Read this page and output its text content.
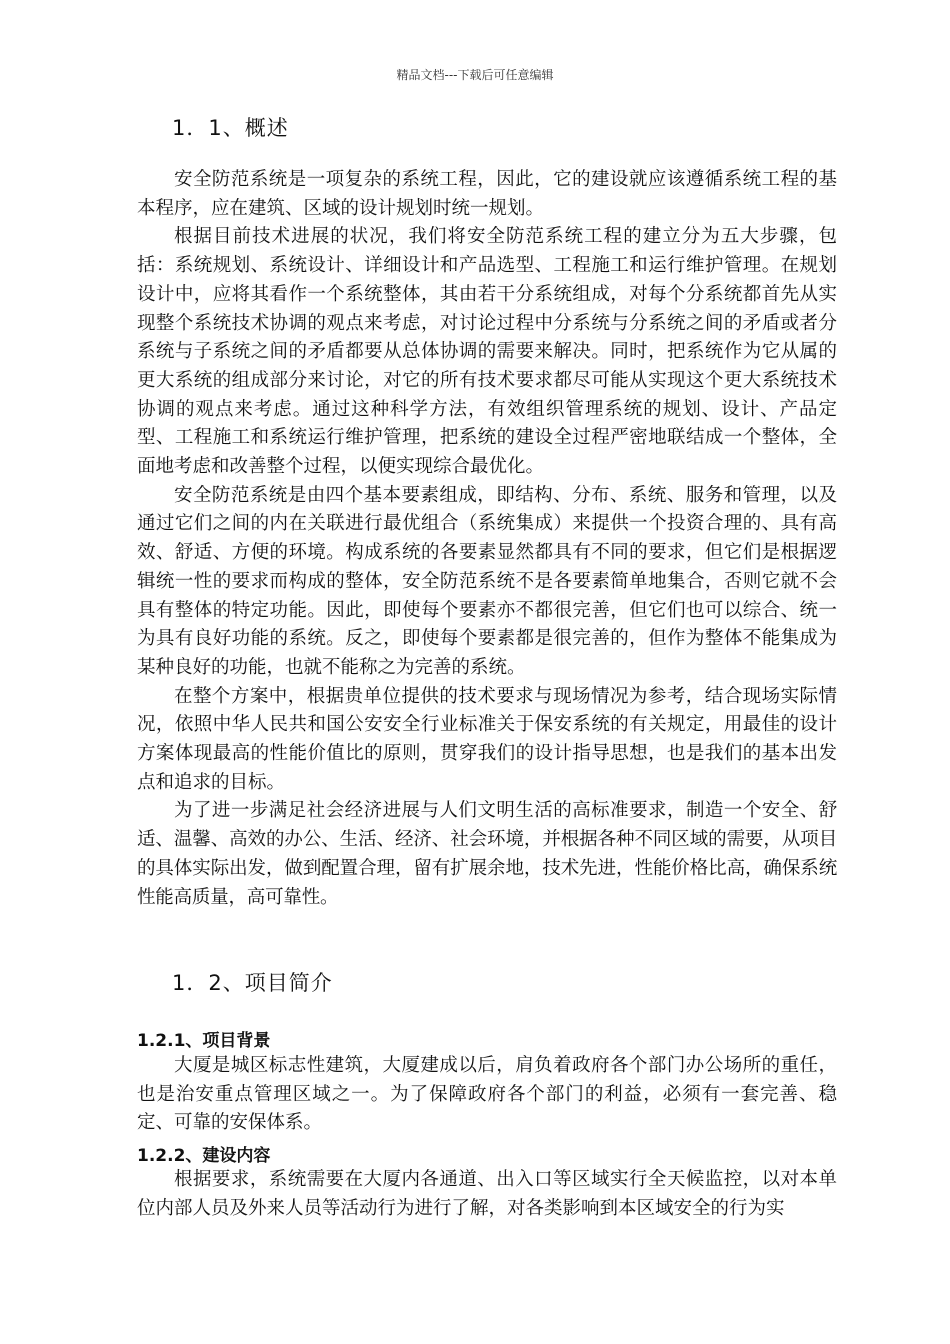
精品文档---下载后可任意编辑
1．1、概述

安全防范系统是一项复杂的系统工程，因此，它的建设就应该遵循系统工程的基本程序，应在建筑、区域的设计规划时统一规划。

根据目前技术进展的状况，我们将安全防范系统工程的建立分为五大步骤，包括：系统规划、系统设计、详细设计和产品选型、工程施工和运行维护管理。在规划设计中，应将其看作一个系统整体，其由若干分系统组成，对每个分系统都首先从实现整个系统技术协调的观点来考虑，对讨论过程中分系统与分系统之间的矛盾或者分系统与子系统之间的矛盾都要从总体协调的需要来解决。同时，把系统作为它从属的更大系统的组成部分来讨论，对它的所有技术要求都尽可能从实现这个更大系统技术协调的观点来考虑。通过这种科学方法，有效组织管理系统的规划、设计、产品定型、工程施工和系统运行维护管理，把系统的建设全过程严密地联结成一个整体，全面地考虑和改善整个过程，以便实现综合最优化。

安全防范系统是由四个基本要素组成，即结构、分布、系统、服务和管理，以及通过它们之间的内在关联进行最优组合（系统集成）来提供一个投资合理的、具有高效、舒适、方便的环境。构成系统的各要素显然都具有不同的要求，但它们是根据逻辑统一性的要求而构成的整体，安全防范系统不是各要素简单地集合，否则它就不会具有整体的特定功能。因此，即使每个要素亦不都很完善，但它们也可以综合、统一为具有良好功能的系统。反之，即使每个要素都是很完善的，但作为整体不能集成为某种良好的功能，也就不能称之为完善的系统。

在整个方案中，根据贵单位提供的技术要求与现场情况为参考，结合现场实际情况，依照中华人民共和国公安安全行业标准关于保安系统的有关规定，用最佳的设计方案体现最高的性能价值比的原则，贯穿我们的设计指导思想，也是我们的基本出发点和追求的目标。

为了进一步满足社会经济进展与人们文明生活的高标准要求，制造一个安全、舒适、温馨、高效的办公、生活、经济、社会环境，并根据各种不同区域的需要，从项目的具体实际出发，做到配置合理，留有扩展余地，技术先进，性能价格比高，确保系统性能高质量，高可靠性。

1．2、项目简介
1.2.1、项目背景

大厦是城区标志性建筑，大厦建成以后，肩负着政府各个部门办公场所的重任，也是治安重点管理区域之一。为了保障政府各个部门的利益，必须有一套完善、稳定、可靠的安保体系。

1.2.2、建设内容

根据要求，系统需要在大厦内各通道、出入口等区域实行全天候监控，以对本单位内部人员及外来人员等活动行为进行了解，对各类影响到本区域安全的行为实
